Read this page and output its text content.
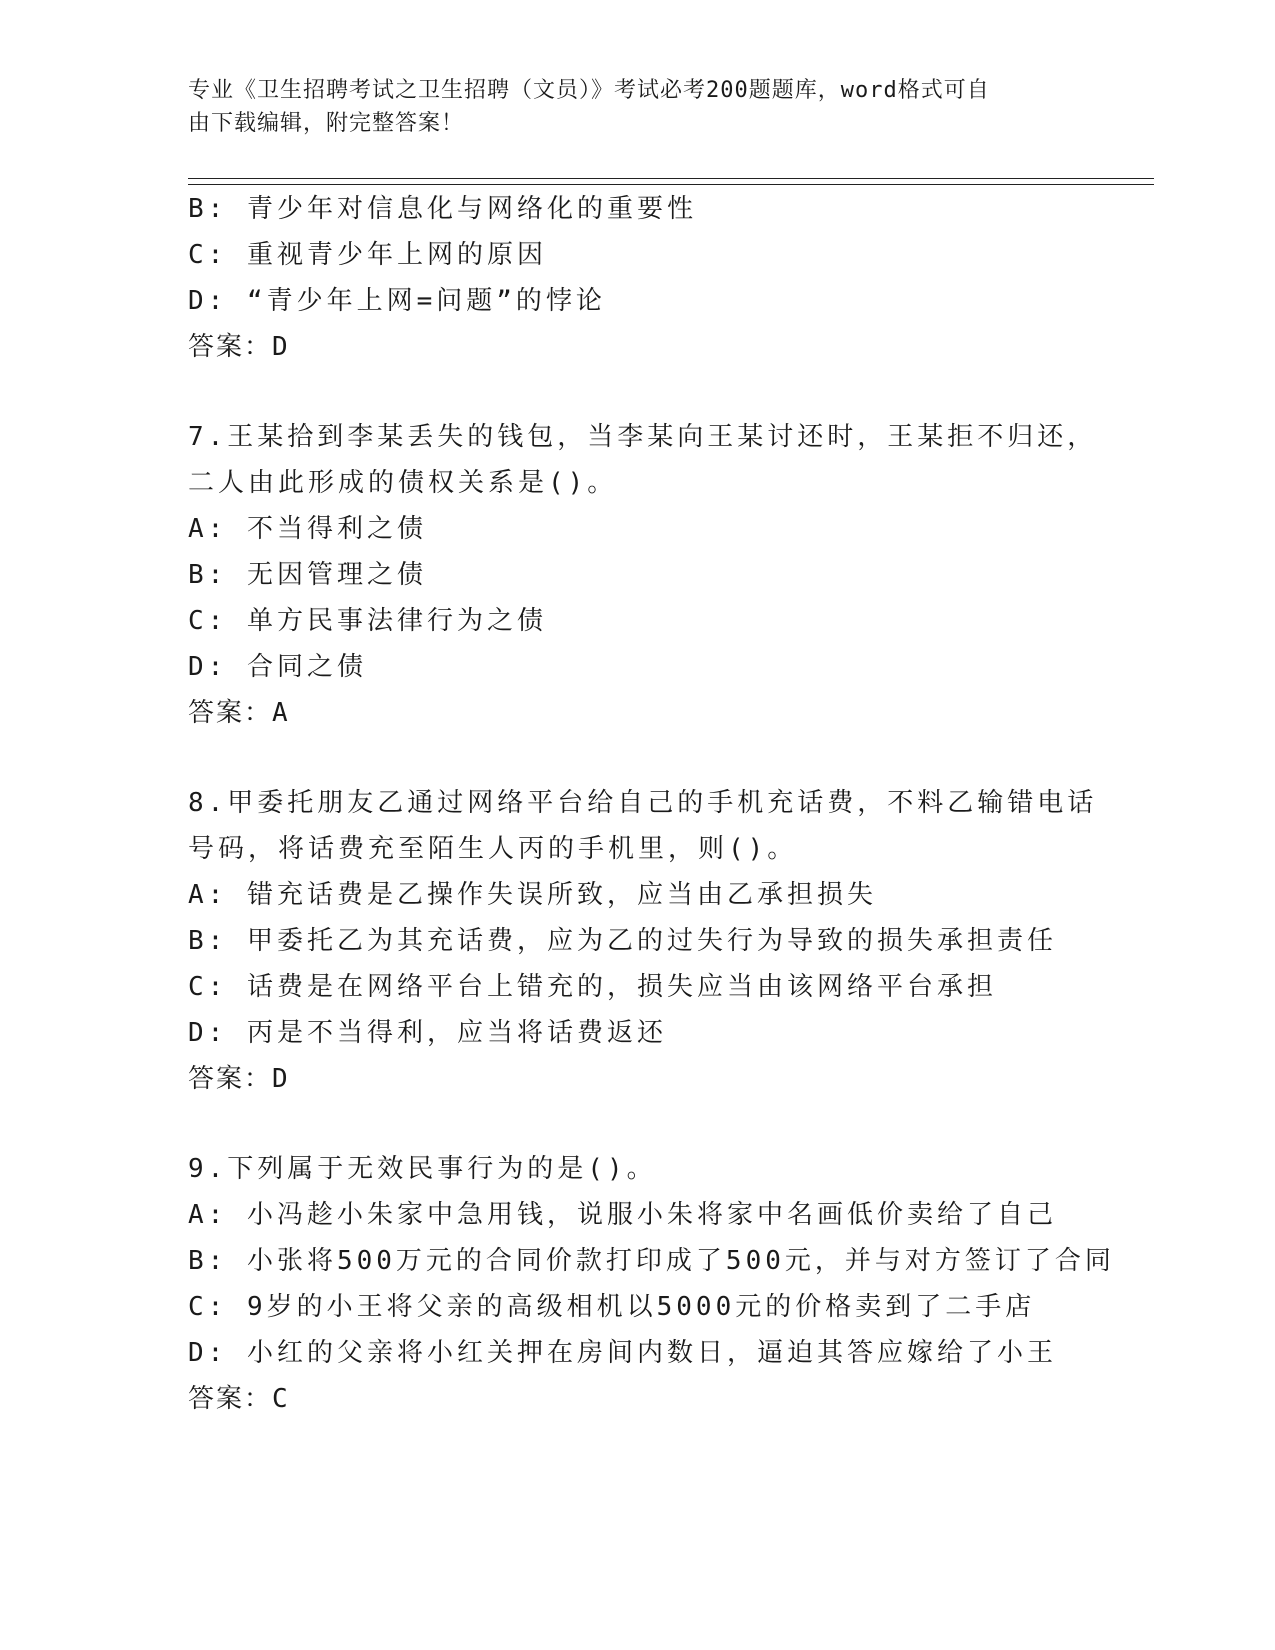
专业《卫生招聘考试之卫生招聘（文员）》考试必考200题题库，word格式可自
由下载编辑，附完整答案！
B: 青少年对信息化与网络化的重要性
C: 重视青少年上网的原因
D: “青少年上网=问题”的悖论
答案：D
7.王某拾到李某丢失的钱包，当李某向王某讨还时，王某拒不归还，
二人由此形成的债权关系是()。
A: 不当得利之债
B: 无因管理之债
C: 单方民事法律行为之债
D: 合同之债
答案：A
8.甲委托朋友乙通过网络平台给自己的手机充话费，不料乙输错电话
号码，将话费充至陌生人丙的手机里，则()。
A: 错充话费是乙操作失误所致，应当由乙承担损失
B: 甲委托乙为其充话费，应为乙的过失行为导致的损失承担责任
C: 话费是在网络平台上错充的，损失应当由该网络平台承担
D: 丙是不当得利，应当将话费返还
答案：D
9.下列属于无效民事行为的是()。
A: 小冯趁小朱家中急用钱，说服小朱将家中名画低价卖给了自己
B: 小张将500万元的合同价款打印成了500元，并与对方签订了合同
C: 9岁的小王将父亲的高级相机以5000元的价格卖到了二手店
D: 小红的父亲将小红关押在房间内数日，逼迫其答应嫁给了小王
答案：C
